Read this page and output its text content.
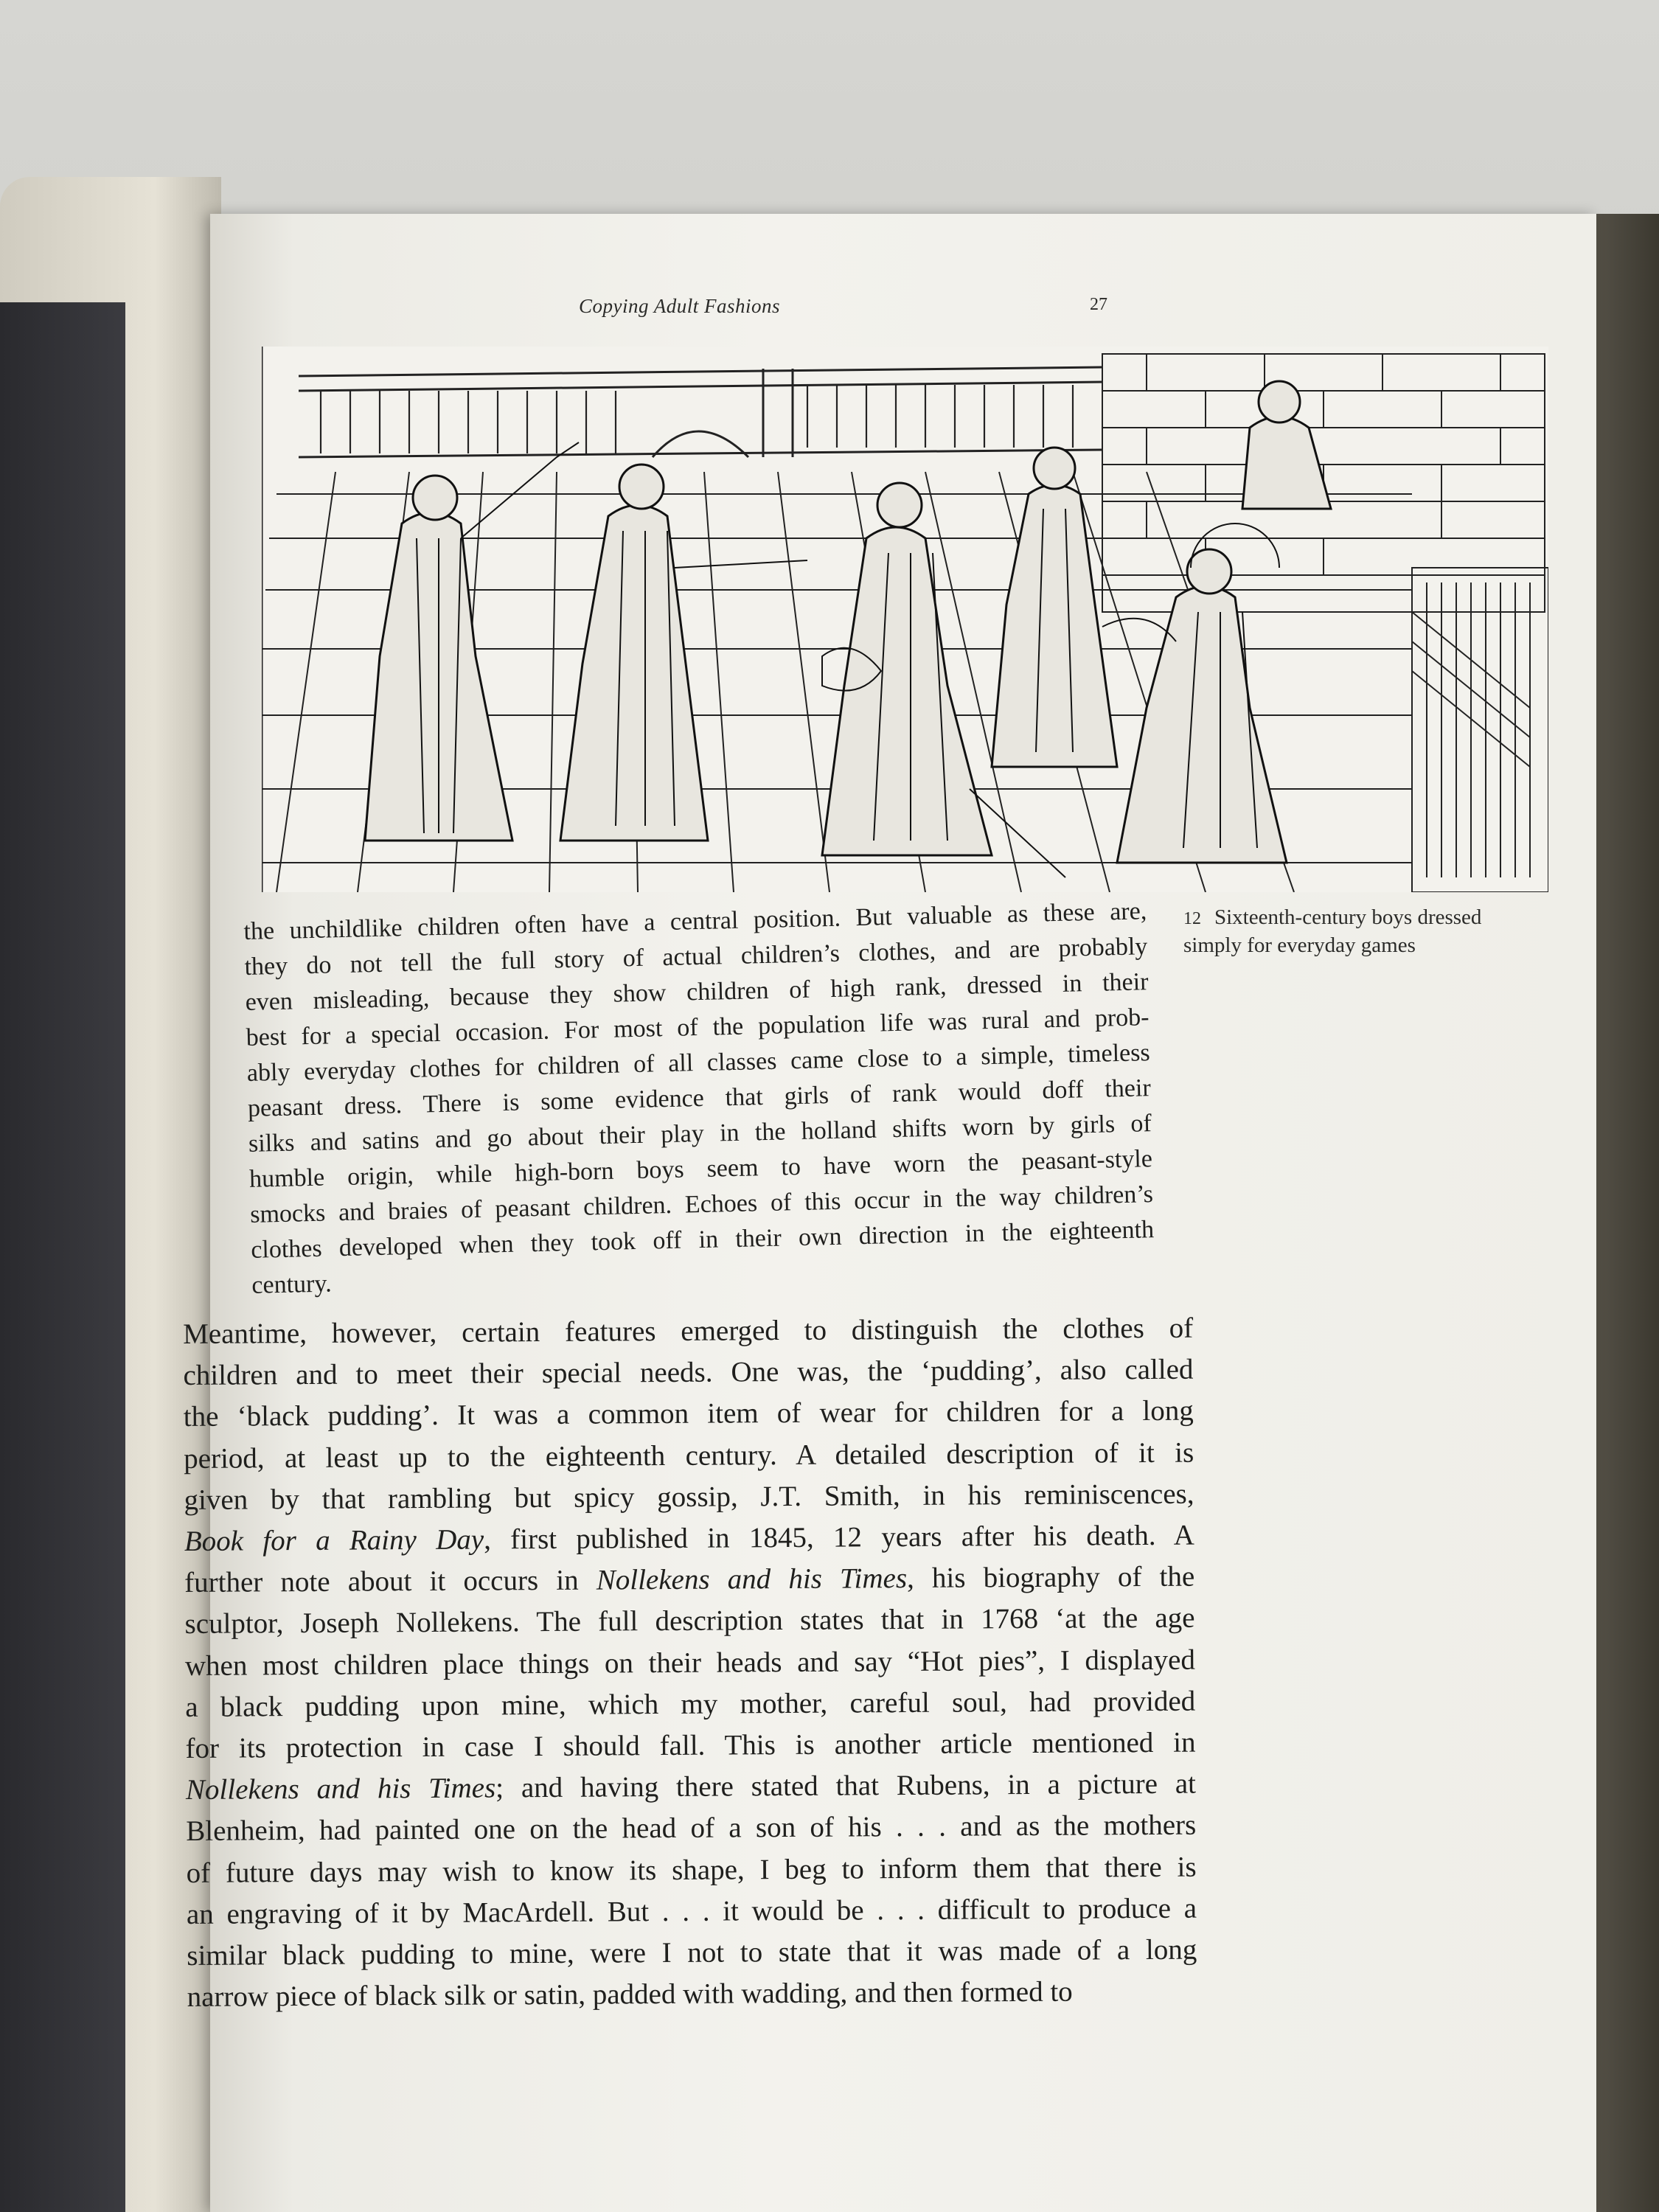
Copying Adult Fashions	27
12 Sixteenth-century boys dressed simply for everyday games
the unchildlike children often have a central position. But valuable as these are,
they do not tell the full story of actual children’s clothes, and are probably
even misleading, because they show children of high rank, dressed in their
best for a special occasion. For most of the population life was rural and prob-
ably everyday clothes for children of all classes came close to a simple, timeless
peasant dress. There is some evidence that girls of rank would doff their
silks and satins and go about their play in the holland shifts worn by girls of
humble origin, while high-born boys seem to have worn the peasant-style
smocks and braies of peasant children. Echoes of this occur in the way children’s
clothes developed when they took off in their own direction in the eighteenth
century.
Meantime, however, certain features emerged to distinguish the clothes of
children and to meet their special needs. One was, the ‘pudding’, also called
the ‘black pudding’. It was a common item of wear for children for a long
period, at least up to the eighteenth century. A detailed description of it is
given by that rambling but spicy gossip, J.T. Smith, in his reminiscences,
Book for a Rainy Day, first published in 1845, 12 years after his death. A
further note about it occurs in Nollekens and his Times, his biography of the
sculptor, Joseph Nollekens. The full description states that in 1768 ‘at the age
when most children place things on their heads and say “Hot pies”, I displayed
a black pudding upon mine, which my mother, careful soul, had provided
for its protection in case I should fall. This is another article mentioned in
Nollekens and his Times; and having there stated that Rubens, in a picture at
Blenheim, had painted one on the head of a son of his . . . and as the mothers
of future days may wish to know its shape, I beg to inform them that there is
an engraving of it by MacArdell. But . . . it would be . . . difficult to produce a
similar black pudding to mine, were I not to state that it was made of a long
narrow piece of black silk or satin, padded with wadding, and then formed to
